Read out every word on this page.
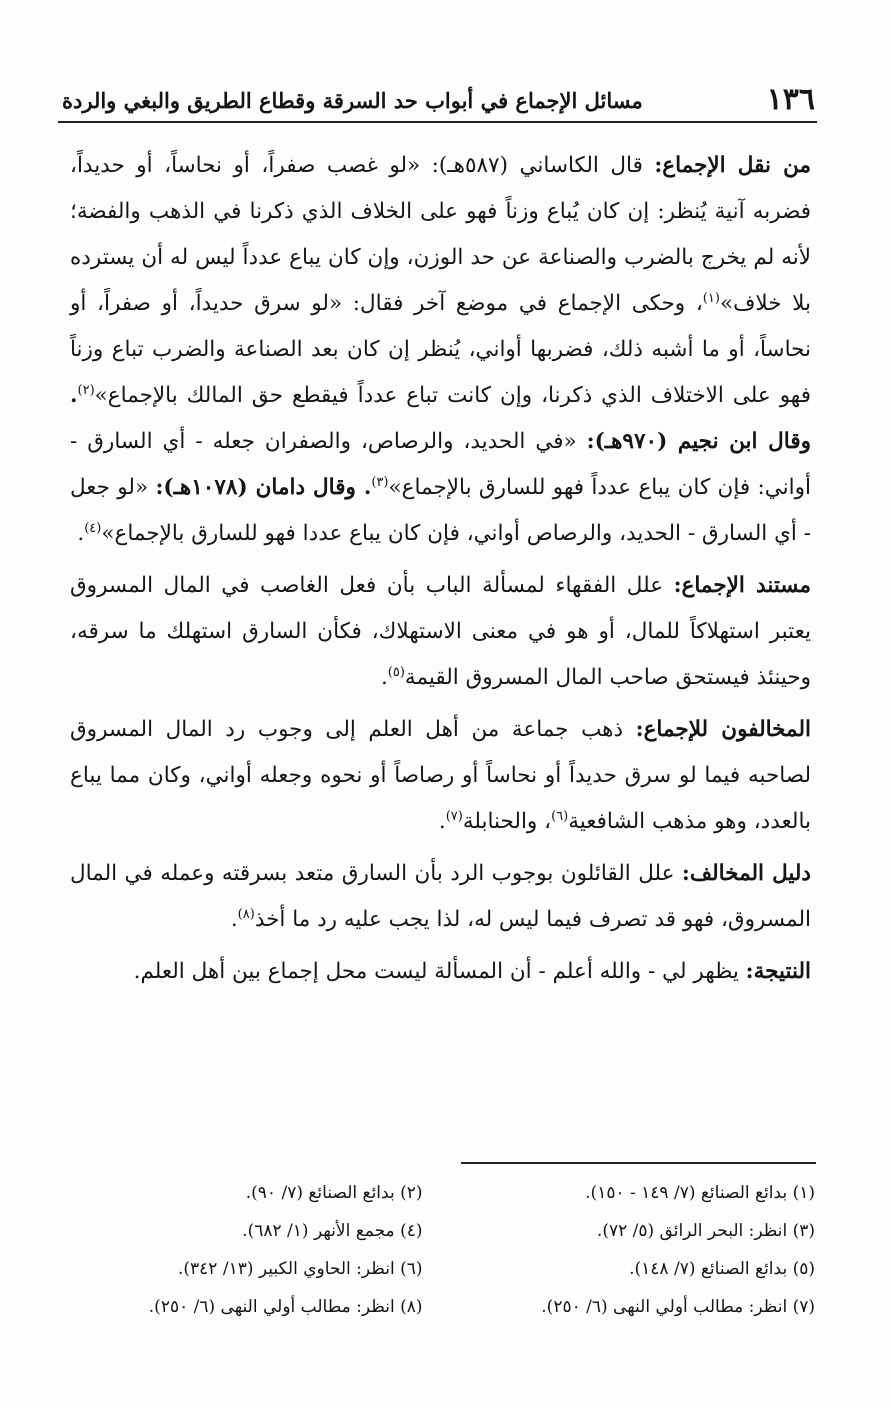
١٣٦
مسائل الإجماع في أبواب حد السرقة وقطاع الطريق والبغي والردة

من نقل الإجماع: قال الكاساني (٥٨٧هـ): «لو غصب صفراً، أو نحاساً، أو حديداً، فضربه آنية يُنظر: إن كان يُباع وزناً فهو على الخلاف الذي ذكرنا في الذهب والفضة؛ لأنه لم يخرج بالضرب والصناعة عن حد الوزن، وإن كان يباع عدداً ليس له أن يسترده بلا خلاف»$^{(١)}$، وحكى الإجماع في موضع آخر فقال: «لو سرق حديداً، أو صفراً، أو نحاساً، أو ما أشبه ذلك، فضربها أواني، يُنظر إن كان بعد الصناعة والضرب تباع وزناً فهو على الاختلاف الذي ذكرنا، وإن كانت تباع عدداً فيقطع حق المالك بالإجماع»$^{(٢)}$. وقال ابن نجيم (٩٧٠هـ): «في الحديد، والرصاص، والصفران جعله - أي السارق - أواني: فإن كان يباع عدداً فهو للسارق بالإجماع»$^{(٣)}$. وقال دامان (١٠٧٨هـ): «لو جعل - أي السارق - الحديد، والرصاص أواني، فإن كان يباع عددا فهو للسارق بالإجماع»$^{(٤)}$.

مستند الإجماع: علل الفقهاء لمسألة الباب بأن فعل الغاصب في المال المسروق يعتبر استهلاكاً للمال، أو هو في معنى الاستهلاك، فكأن السارق استهلك ما سرقه، وحينئذ فيستحق صاحب المال المسروق القيمة$^{(٥)}$.

المخالفون للإجماع: ذهب جماعة من أهل العلم إلى وجوب رد المال المسروق لصاحبه فيما لو سرق حديداً أو نحاساً أو رصاصاً أو نحوه وجعله أواني، وكان مما يباع بالعدد، وهو مذهب الشافعية$^{(٦)}$، والحنابلة$^{(٧)}$.

دليل المخالف: علل القائلون بوجوب الرد بأن السارق متعد بسرقته وعمله في المال المسروق، فهو قد تصرف فيما ليس له، لذا يجب عليه رد ما أخذ$^{(٨)}$.

النتيجة: يظهر لي - والله أعلم - أن المسألة ليست محل إجماع بين أهل العلم.

(١) بدائع الصنائع (٧/ ١٤٩ - ١٥٠).
(٢) بدائع الصنائع (٧/ ٩٠).
(٣) انظر: البحر الرائق (٥/ ٧٢).
(٤) مجمع الأنهر (١/ ٦٨٢).
(٥) بدائع الصنائع (٧/ ١٤٨).
(٦) انظر: الحاوي الكبير (١٣/ ٣٤٢).
(٧) انظر: مطالب أولي النهى (٦/ ٢٥٠).
(٨) انظر: مطالب أولي النهى (٦/ ٢٥٠).
